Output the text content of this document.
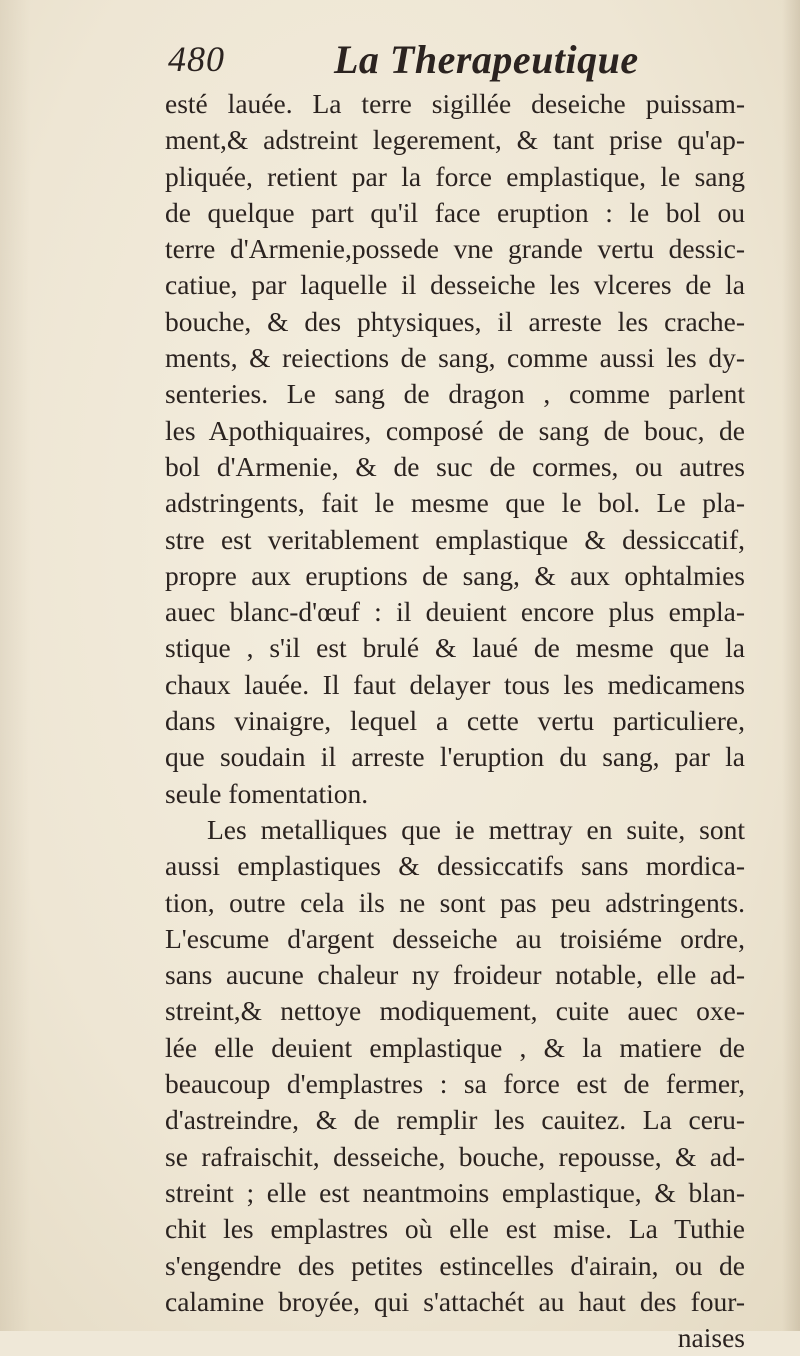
480	La Therapeutique
esté lauée. La terre sigillée deseiche puissam-
ment,& adstreint legerement, & tant prise qu'ap-
pliquée, retient par la force emplastique, le sang
de quelque part qu'il face eruption : le bol ou
terre d'Armenie,possede vne grande vertu dessic-
catiue, par laquelle il desseiche les vlceres de la
bouche, & des phtysiques, il arreste les crache-
ments, & reiections de sang, comme aussi les dy-
senteries. Le sang de dragon , comme parlent
les Apothiquaires, composé de sang de bouc, de
bol d'Armenie, & de suc de cormes, ou autres
adstringents, fait le mesme que le bol. Le pla-
stre est veritablement emplastique & dessiccatif,
propre aux eruptions de sang, & aux ophtalmies
auec blanc-d'œuf : il deuient encore plus empla-
stique , s'il est brulé & laué de mesme que la
chaux lauée. Il faut delayer tous les medicamens
dans vinaigre, lequel a cette vertu particuliere,
que soudain il arreste l'eruption du sang, par la
seule fomentation.
Les metalliques que ie mettray en suite, sont
aussi emplastiques & dessiccatifs sans mordica-
tion, outre cela ils ne sont pas peu adstringents.
L'escume d'argent desseiche au troisiéme ordre,
sans aucune chaleur ny froideur notable, elle ad-
streint,& nettoye modiquement, cuite auec oxe-
lée elle deuient emplastique , & la matiere de
beaucoup d'emplastres : sa force est de fermer,
d'astreindre, & de remplir les cauitez. La ceru-
se rafraischit, desseiche, bouche, repousse, & ad-
streint ; elle est neantmoins emplastique, & blan-
chit les emplastres où elle est mise. La Tuthie
s'engendre des petites estincelles d'airain, ou de
calamine broyée, qui s'attachét au haut des four-
naises
